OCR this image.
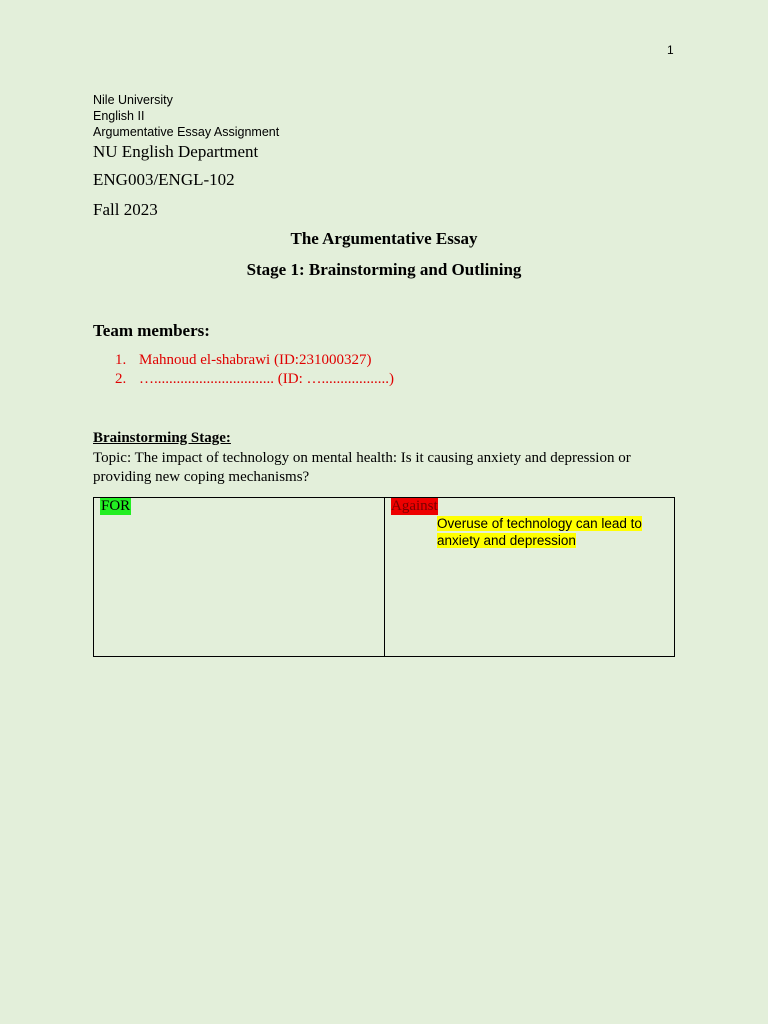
1
Nile University
English II
Argumentative Essay Assignment
NU English Department
ENG003/ENGL-102
Fall 2023
The Argumentative Essay
Stage 1: Brainstorming and Outlining
Team members:
1. Mahnoud el-shabrawi (ID:231000327)
2. …................................ (ID: …..................)
Brainstorming Stage:
Topic: The impact of technology on mental health: Is it causing anxiety and depression or providing new coping mechanisms?
FOR	Against
Overuse of technology can lead to anxiety and depression
